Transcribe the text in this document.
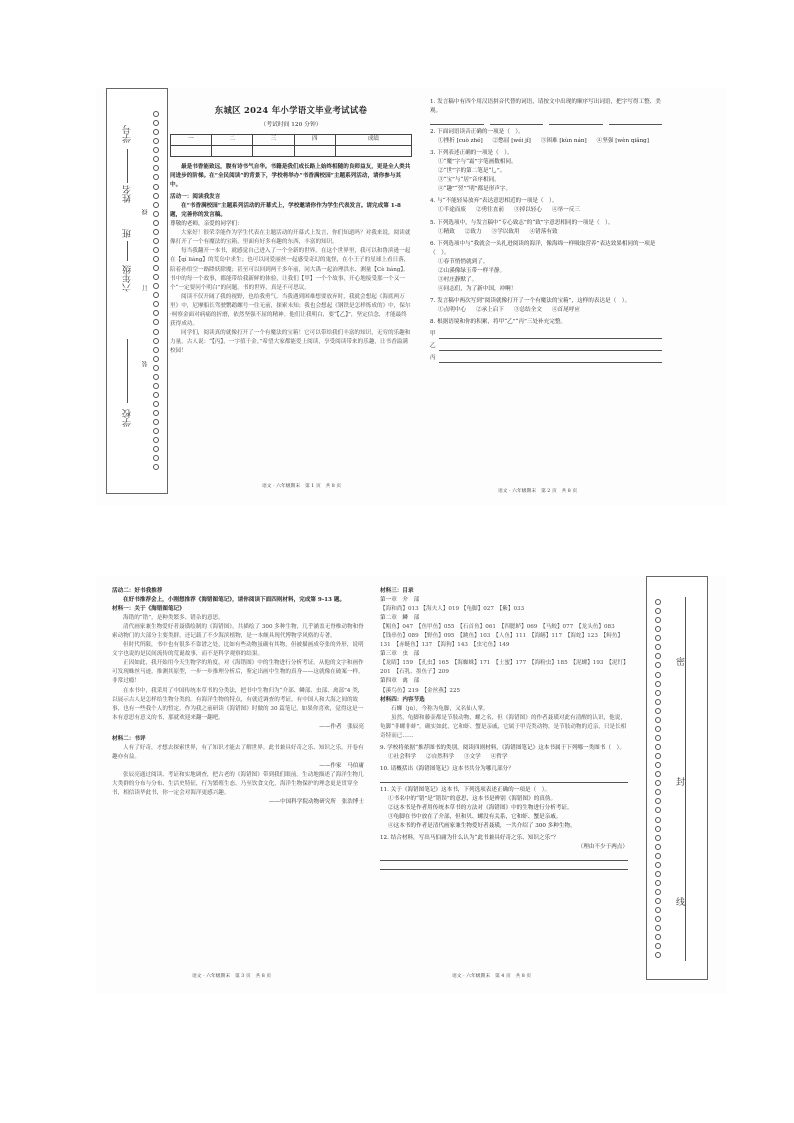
学校
六年级
班
姓名
学号
线
订
装
密
封
线
东城区 2024 年小学语文毕业考试试卷
（考试时间 120 分钟）
一	二	三	四	成绩

最是书香能致远，腹有诗书气自华。书籍是我们成长路上始终相随的良师益友，更是全人类共同进步的阶梯。在“全民阅读”的背景下，学校将举办“书香满校园”主题系列活动，请你参与其中。

活动一：阅读我发言

在“书香满校园”主题系列活动的开幕式上，学校邀请你作为学生代表发言。请完成第 1-8 题，完善你的发言稿。

尊敬的老师，亲爱的同学们：

大家好！很荣幸能作为学生代表在主题活动的开幕式上发言，你们知道吗？对我来说，阅读就像打开了一个有魔法的宝箱，里面有好多有趣的东西，丰富的知识。

每当我翻开一本书，就感觉自己进入了一个全新的世界。在这个世界里，我可以和鲁滨逊一起在【qí liáng】的荒岛中求生；也可以同爱丽丝一起感受奇幻的鬼怪，在小王子的星球上看日落，陪着孙悟空一路降妖除魔；甚至可以回到两千多年前，同大禹一起治理洪水、测量【Cè liáng】。书中的每一个故事，都能带给我新鲜的体验，让我们【甲】一个个故事，开心地接受那一个又一个“一定要问个明白”的问题。书的世界，真是不可思议。

阅读不仅开阔了我的视野，也给我勇气。当我遇到困难想要放弃时，我就会想起《海底两万里》中，尼摩船长驾驶鹦鹉螺号一往无前，探索未知；我也会想起《钢铁是怎样炼成的》中，保尔·柯察金面对病痛的折磨，依然坚强不屈的精神。他们让我明白，要“【乙】”，坚定信念，才能最终获得成功。

同学们，阅读真的就像打开了一个有魔法的宝箱！它可以带给我们丰富的知识，无穷的乐趣和力量。古人说：“【丙】，一字值千金。”希望大家都能爱上阅读，享受阅读带来的乐趣，让书香溢满校园！

语文 · 六年级期末　第 1 页　共 8 页

1. 发言稿中有四个用汉语拼音代替的词语，请按文中出现的顺序写出词语，把字写得工整、美观。

2. 下面词语读音正确的一项是（　）。

①挫折 [cuò zhé] ②憋屈 [wéi jǐ] ③困难 [kùn nán] ④坚强 [wèn qiǎng]

3. 下列表述正确的一项是（　）。

①“魔”字与“霜”字笔画数相同。
②“世”字的第二笔是“乚”。
③“宝”与“居”音序相同。
④“趣”“翌”“明”都是形声字。

4. 与“不能轻易放弃”表达意思相近的一项是（　）。

①半途而废 ②勇往直前 ③掉以轻心 ④举一反三

5. 下列选项中，与发言稿中“专心致志”的“致”字意思相同的一项是（　）。

①精致 ②致力 ③学以致用 ④错落有致

6. 下列选项中与“我就会一头扎进阅读的海洋，像海绵一样吸取营养”表达效果相同的一项是（　）。

①春节悄悄就到了。
②山溪像绿玉带一样平静。
③村庄静默了。
④同志们，为了新中国，冲啊！

7. 发言稿中两次写到“阅读就像打开了一个有魔法的宝箱”，这样的表达是（　）。

①点明中心 ②承上启下 ③总结全文 ④首尾呼应

8. 根据语境和你的积累，将甲“乙”“丙”三处补充完整。

甲
乙
丙
语文 · 六年级期末　第 2 页　共 8 页

活动二：好书我推荐

在好书推荐会上，小刚想推荐《海错图笔记》，请你阅读下面四则材料，完成第 9-13 题。

材料一：关于《海错图笔记》

海错的“错”，是种类繁多、错杂的意思。

清代画家兼生物爱好者聂璜绘制的《海错图》，共描绘了 300 多种生物，几乎涵盖无脊椎动物和脊索动物门的大部分主要类群，还记载了不少海滨植物，是一本颇具现代博物学风格的专著。

但时代所限，书中也有很多不靠谱之处，比如有些动物虽确有其物，但被描画成夸张的外形，说明文字也说的是民间流传的荒诞故事，而不是科学观察的结果。

正因如此，我开始用今天生物学的角度，对《海错图》中的生物进行分析考证。从他的文字和画作可发现蛛丝马迹，推测其原型，一步一步推理分析后，鉴定出画中生物的真身——这就像在破案一样，非常过瘾！

在本书中，我采用了中国传统本草书的分类法，把书中生物归为“介部、鳞部、虫部、禽部”4 类，以展示古人是怎样给生物分类的。有海洋生物的特点，有就近调查的考证，有中国人和大海之间的故事，也有一些我个人的暂定，作为我之前研读《海错图》时做的 30 篇笔记，如果你喜欢，觉得这是一本有意思有意义的书，那就欢迎来翻一翻吧。

——作者　张辰亮

材料二：书评

人有了好奇，才想去探索世界，有了知识才能去了解世界。此书兼具好奇之乐、知识之乐，开卷有趣亦有益。

——作家　马伯庸

张辰亮通过阅读、考证和实地调查，把古老的《海错图》带到我们眼前。生动地描述了海洋生物几大类群的分布与分布、生活史特征，行为繁殖生态。乃至饮食文化，海洋生物保护的理念更是贯穿全书，相信读毕此书，你一定会对海洋更感兴趣。

——中国科学院动物研究所　张浩博士

语文 · 六年级期末　第 3 页　共 8 页

材料三：目录

第一章　介　部

【海和尚】013 【海夫人】019 【龟脚】027　【紫】033

第二章　鳞　部

【鲳鱼】047　【鱼甲鱼】055　【石首鱼】061　【四腮鲈】069　【马鲛】077　【龙头鱼】083　【钱串鱼】089　【野鱼】095　【跳鱼】103　【人鱼】111　【海鳝】117　【海蛇】123　【鲟鱼】131　【赤鲢鱼】137　【海狗】143　【虫宅鱼】149

第三章　虫　部

【龙睛】159　【孔虫】165　【海蜘蛛】171　【土蜜】177　【海粉虫】185　【泥螺】193　【泥钉】201　【石乳、墨鱼子】209

第四章　禽　部

【溪鸟鱼】219　【金丝燕】225

材料四：内容节选

石蛳（jū），今称为龟脚，又名仙人掌。

虽然，龟脚和藤壶都是节肢动物，螺之名，但《海错图》的作者聂璜对此有清醒的认识，他说，龟脚“非螺非蚌”。确实如此，它和虾、蟹是亲戚，它属于甲壳类动物，是节肢动物的近亲，只是长相奇特而已……

9. 学校将依据“推荐图书的类别，阅读四则材料，《海错图笔记》这本书属于下列哪一类图书（　）。

①社会科学 ②自然科学 ③文学 ④哲学

10. 请概括出《海错图笔记》这本书共分为哪几部分？

11. 关于《海错图笔记》这本书，下列选项表述正确的一项是（　）。

①书名中的“错”是“错误”的意思，这本书是辨别《海错图》的真伪。
②这本书是作者用传统本草书的方法对《海错图》中的生物进行分析考证。
③龟脚在书中放在了介部，但和贝、螺没有关系，它和虾、蟹是亲戚。
④这本书的作者是清代画家兼生物爱好者聂璜，一共介绍了 300 多种生物。

12. 结合材料，写出马伯庸为什么认为“此书兼具好奇之乐、知识之乐”？

（理由不少于两点）

语文 · 六年级期末　第 4 页　共 8 页
